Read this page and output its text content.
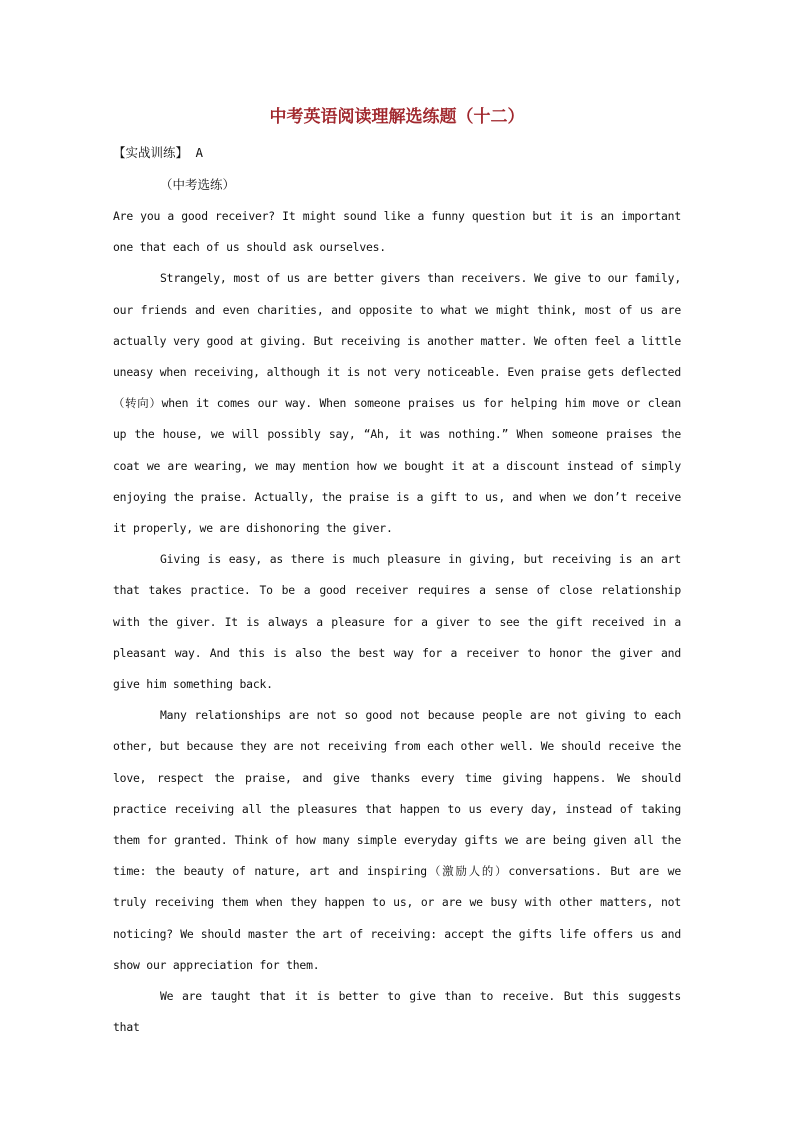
中考英语阅读理解选练题（十二）
【实战训练】 A
（中考选练）

Are you a good receiver? It might sound like a funny question but it is an important one that each of us should ask ourselves.

Strangely, most of us are better givers than receivers. We give to our family, our friends and even charities, and opposite to what we might think, most of us are actually very good at giving. But receiving is another matter. We often feel a little uneasy when receiving, although it is not very noticeable. Even praise gets deflected（转向）when it comes our way. When someone praises us for helping him move or clean up the house, we will possibly say, “Ah, it was nothing.” When someone praises the coat we are wearing, we may mention how we bought it at a discount instead of simply enjoying the praise. Actually, the praise is a gift to us, and when we don’t receive it properly, we are dishonoring the giver.

Giving is easy, as there is much pleasure in giving, but receiving is an art that takes practice. To be a good receiver requires a sense of close relationship with the giver. It is always a pleasure for a giver to see the gift received in a pleasant way. And this is also the best way for a receiver to honor the giver and give him something back.

Many relationships are not so good not because people are not giving to each other, but because they are not receiving from each other well. We should receive the love, respect the praise, and give thanks every time giving happens. We should practice receiving all the pleasures that happen to us every day, instead of taking them for granted. Think of how many simple everyday gifts we are being given all the time: the beauty of nature, art and inspiring（激励人的）conversations. But are we truly receiving them when they happen to us, or are we busy with other matters, not noticing? We should master the art of receiving: accept the gifts life offers us and show our appreciation for them.

We are taught that it is better to give than to receive. But this suggests that
